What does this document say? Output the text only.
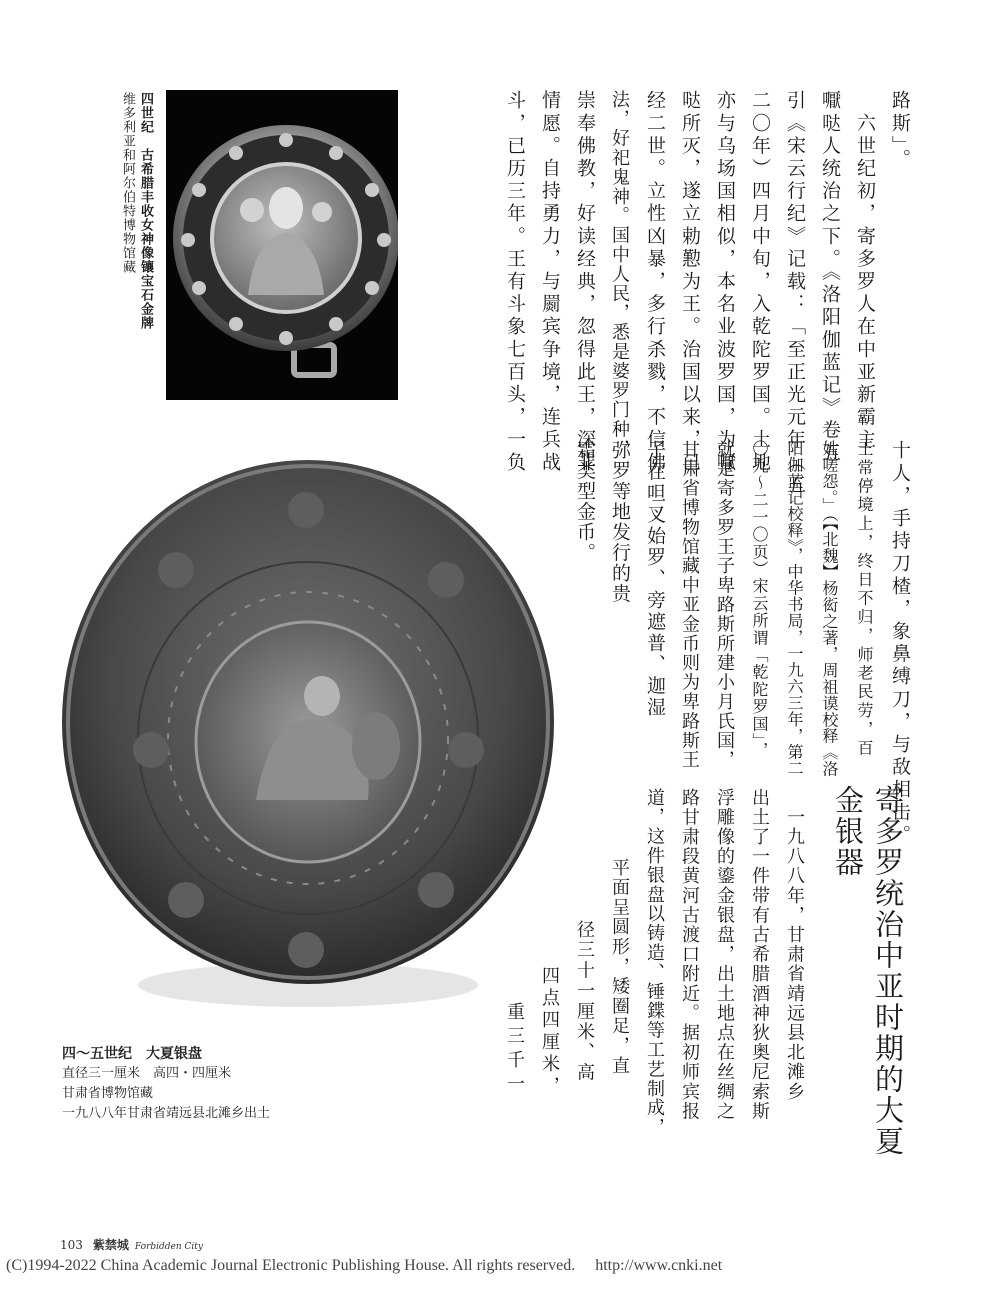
四世纪　古希腊丰收女神像镶宝石金牌
维多利亚和阿尔伯特博物馆藏	路斯」。
　六世纪初，寄多罗人在中亚新霸主
嚈哒人统治之下。《洛阳伽蓝记》卷五
引《宋云行纪》记载：「至正光元年（五
二〇年）四月中旬，入乾陀罗国。土地
亦与乌场国相似，本名业波罗国，为嚈
哒所灭，遂立勅懃为王。治国以来，已
经二世。立性凶暴，多行杀戮，不信佛
法，好祀鬼神。国中人民，悉是婆罗门种，
崇奉佛教，好读经典，忽得此王，深非
情愿。自持勇力，与罽宾争境，连兵战
斗，已历三年。王有斗象七百头，一负
十人，手持刀楂，象鼻缚刀，与敌相击。
王常停境上，终日不归，师老民劳，百
姓嗟怨。」（【北魏】杨衒之著，周祖谟校释《洛
阳伽蓝记校释》，中华书局，一九六三年，第二
〇九～二一〇页）宋云所谓「乾陀罗国」，
就是寄多罗王子卑路斯所建小月氏国，
甘肃省博物馆藏中亚金币则为卑路斯王
子在呾叉始罗、旁遮普、迦湿
弥罗等地发行的贵
霜类型金币。
寄多罗统治中亚时期的大夏
金银器
　一九八八年，甘肃省靖远县北滩乡
出土了一件带有古希腊酒神狄奥尼索斯
浮雕像的鎏金银盘，出土地点在丝绸之
路甘肃段黄河古渡口附近。据初师宾报
道，这件银盘以铸造、锤鍱等工艺制成，
平面呈圆形，矮圈足，直
径三十一厘米、高
四点四厘米，
重三千一
四～五世纪　大夏银盘
直径三一厘米　高四・四厘米
甘肃省博物馆藏
一九八八年甘肃省靖远县北滩乡出土
103 紫禁城 Forbidden City
(C)1994-2022 China Academic Journal Electronic Publishing House. All rights reserved.　 http://www.cnki.net
